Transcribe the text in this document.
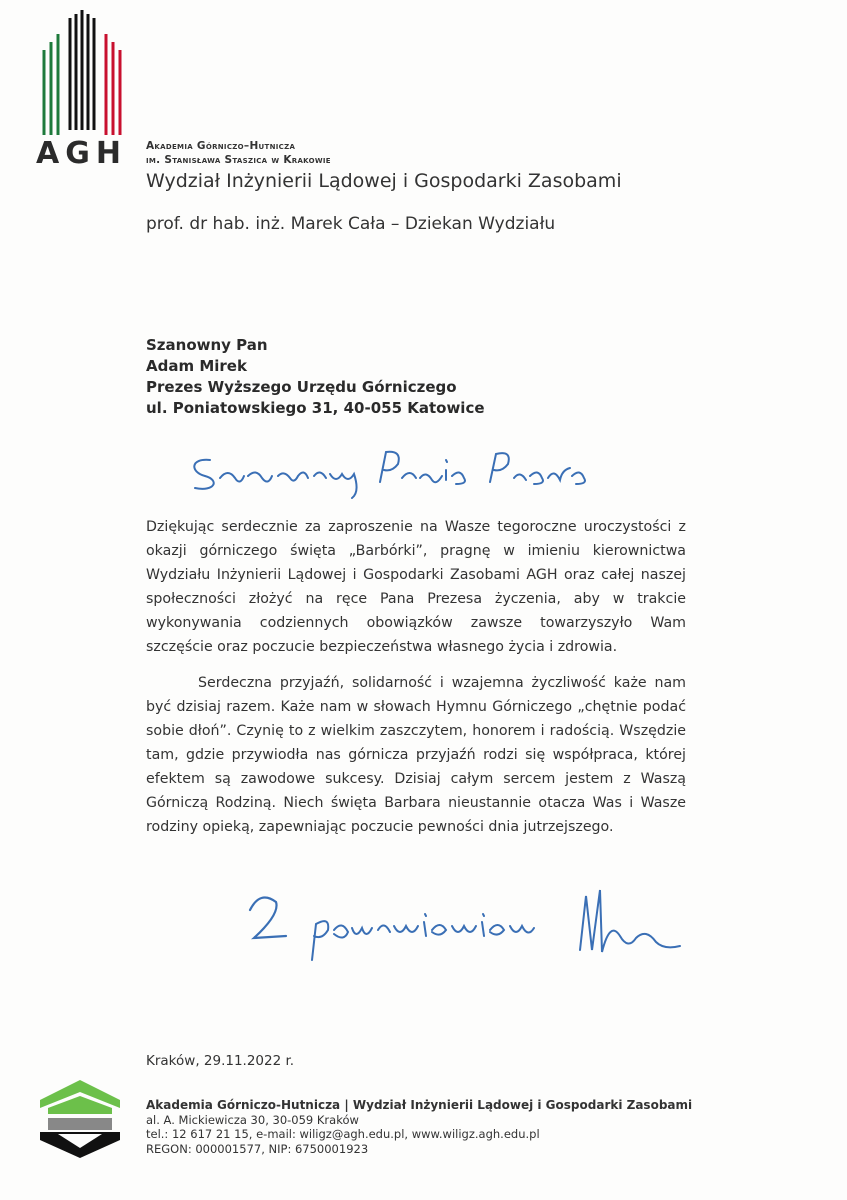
AGH Akademia Górniczo–Hutnicza
im. Stanisława Staszica w Krakowie
Wydział Inżynierii Lądowej i Gospodarki Zasobami
prof. dr hab. inż. Marek Cała – Dziekan Wydziału
Szanowny Pan
Adam Mirek
Prezes Wyższego Urzędu Górniczego
ul. Poniatowskiego 31, 40-055 Katowice

Dziękując serdecznie za zaproszenie na Wasze tegoroczne uroczystości z okazji górniczego święta „Barbórki”, pragnę w imieniu kierownictwa Wydziału Inżynierii Lądowej i Gospodarki Zasobami AGH oraz całej naszej społeczności złożyć na ręce Pana Prezesa życzenia, aby w trakcie wykonywania codziennych obowiązków zawsze towarzyszyło Wam szczęście oraz poczucie bezpieczeństwa własnego życia i zdrowia.

Serdeczna przyjaźń, solidarność i wzajemna życzliwość każe nam być dzisiaj razem. Każe nam w słowach Hymnu Górniczego „chętnie podać sobie dłoń”. Czynię to z wielkim zaszczytem, honorem i radością. Wszędzie tam, gdzie przywiodła nas górnicza przyjaźń rodzi się współpraca, której efektem są zawodowe sukcesy. Dzisiaj całym sercem jestem z Waszą Górniczą Rodziną. Niech święta Barbara nieustannie otacza Was i Wasze rodziny opieką, zapewniając poczucie pewności dnia jutrzejszego.

Kraków, 29.11.2022 r.
Akademia Górniczo-Hutnicza | Wydział Inżynierii Lądowej i Gospodarki Zasobami
al. A. Mickiewicza 30, 30-059 Kraków
tel.: 12 617 21 15, e-mail: wiligz@agh.edu.pl, www.wiligz.agh.edu.pl
REGON: 000001577, NIP: 6750001923
